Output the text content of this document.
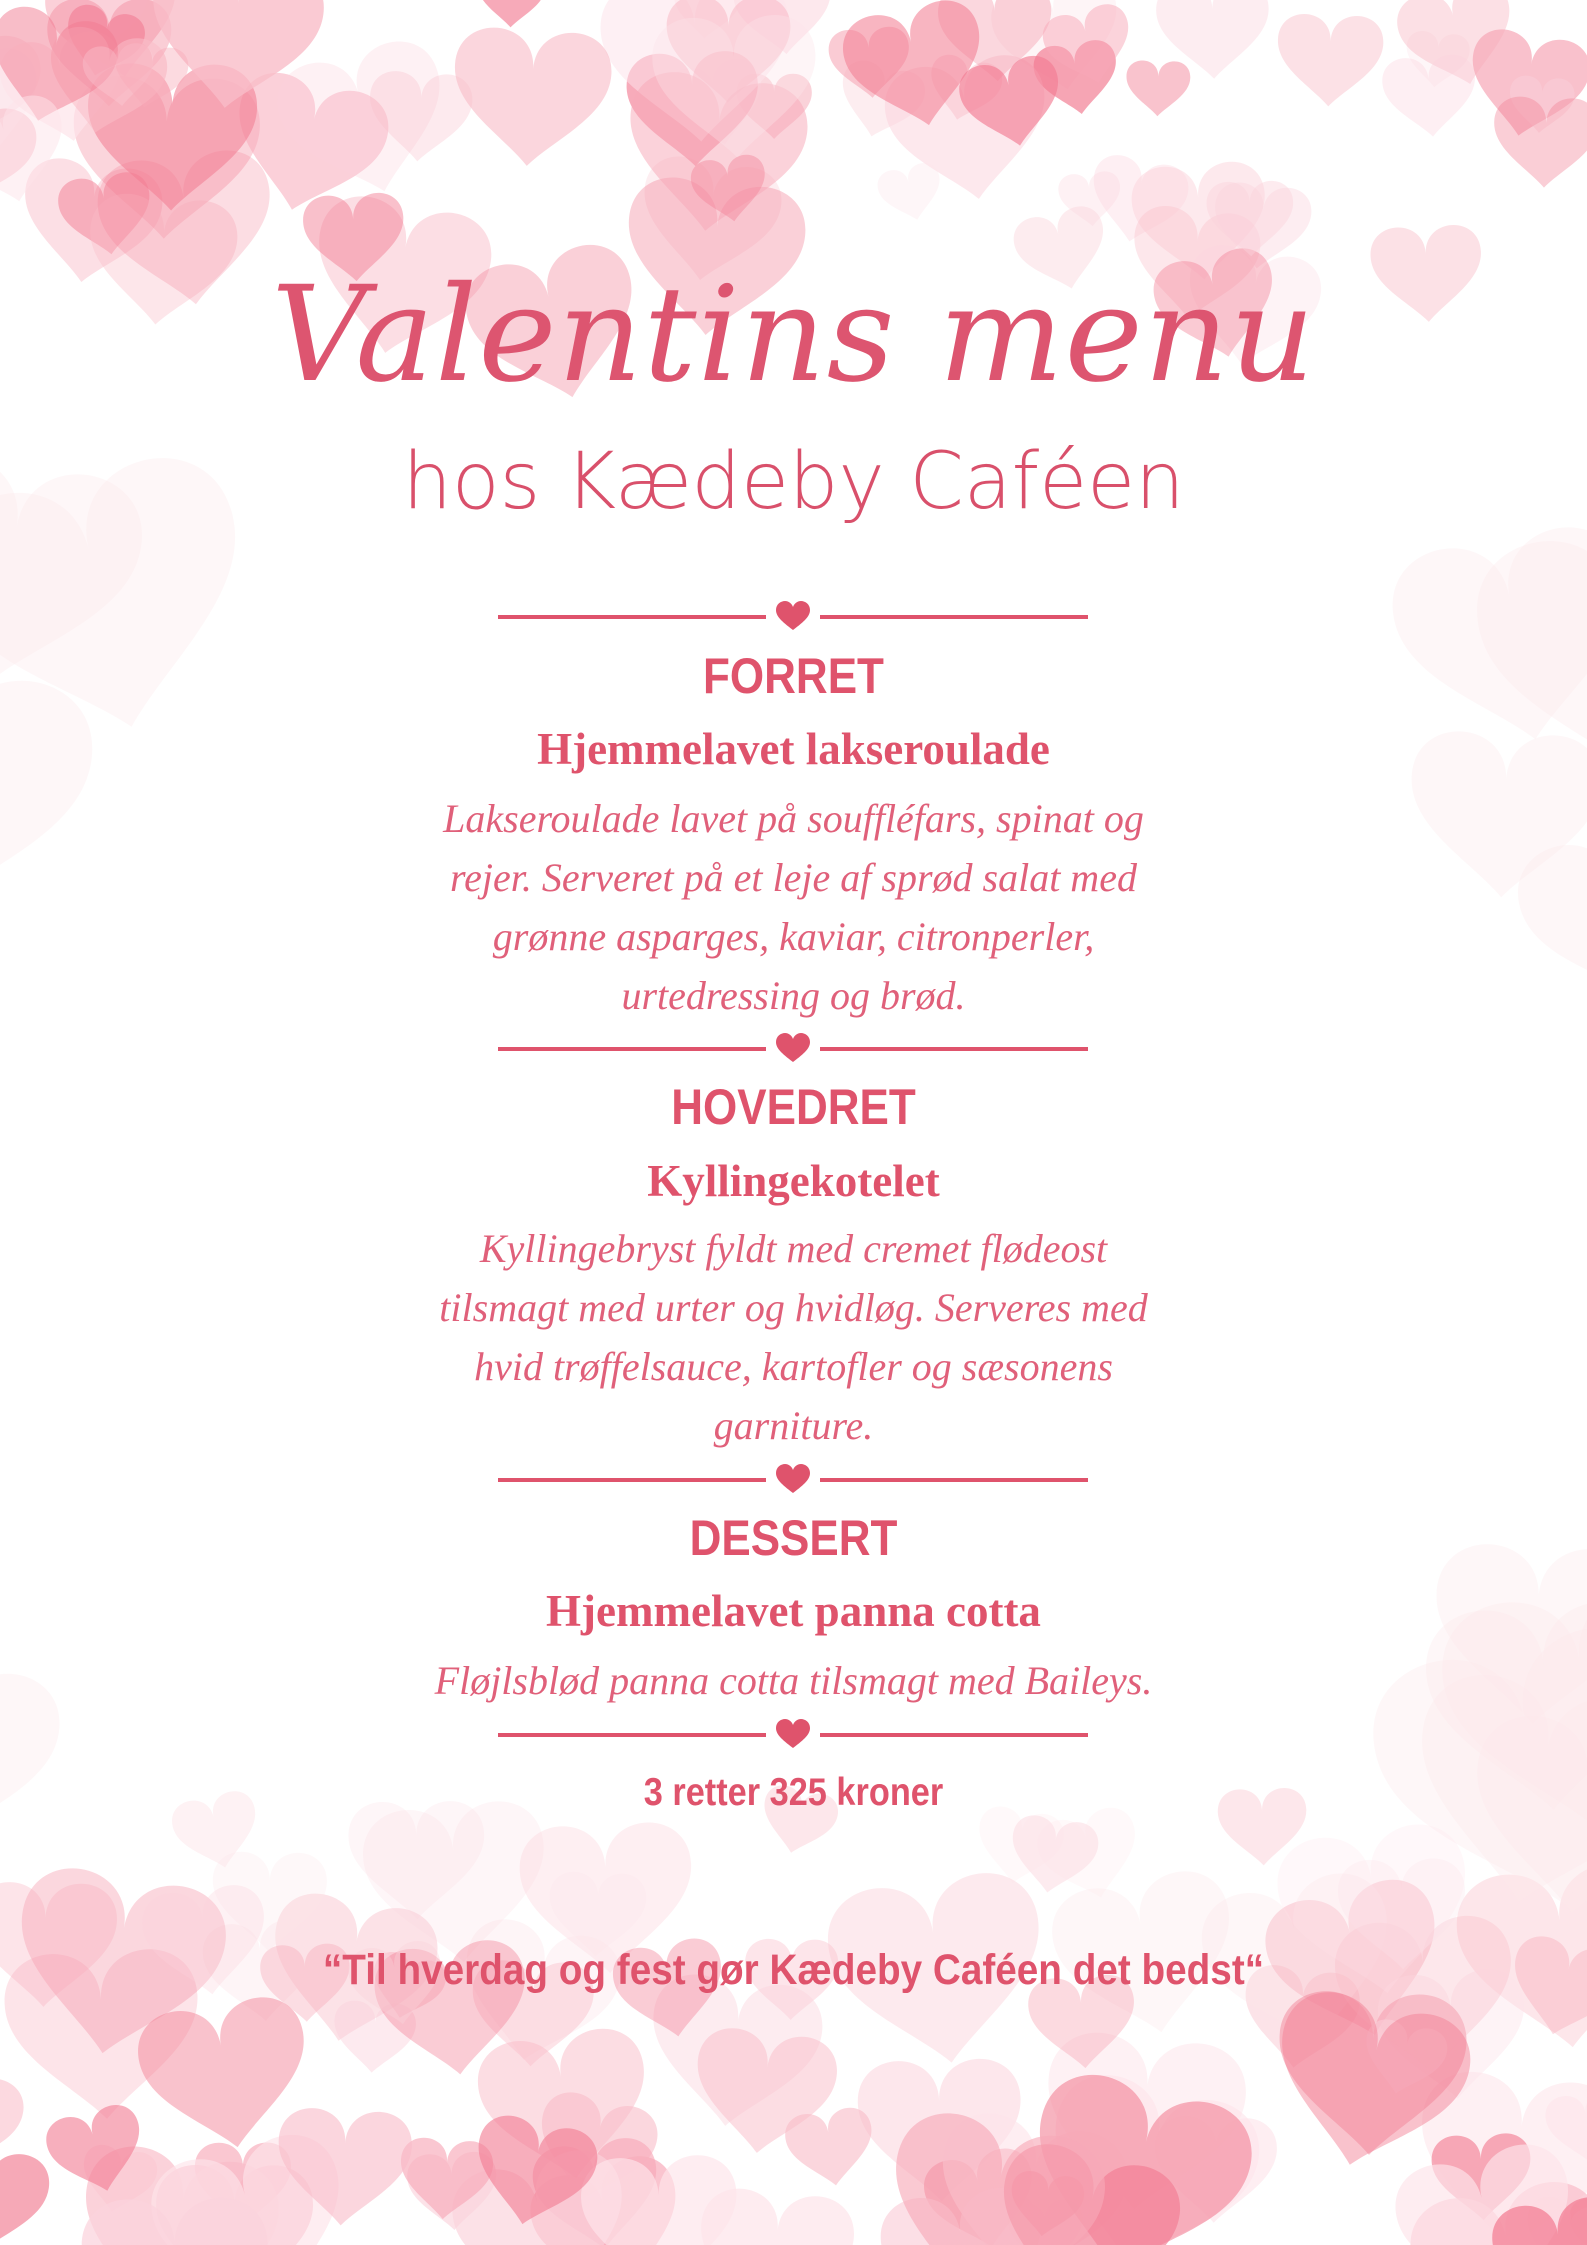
Valentins menu
hos Kædeby Caféen
FORRET
Hjemmelavet lakseroulade
Lakseroulade lavet på souffléfars, spinat og rejer. Serveret på et leje af sprød salat med grønne asparges, kaviar, citronperler, urtedressing og brød.
HOVEDRET
Kyllingekotelet
Kyllingebryst fyldt med cremet flødeost tilsmagt med urter og hvidløg. Serveres med hvid trøffelsauce, kartofler og sæsonens garniture.
DESSERT
Hjemmelavet panna cotta
Fløjlsblød panna cotta tilsmagt med Baileys.
3 retter 325 kroner
“Til hverdag og fest gør Kædeby Caféen det bedst“
